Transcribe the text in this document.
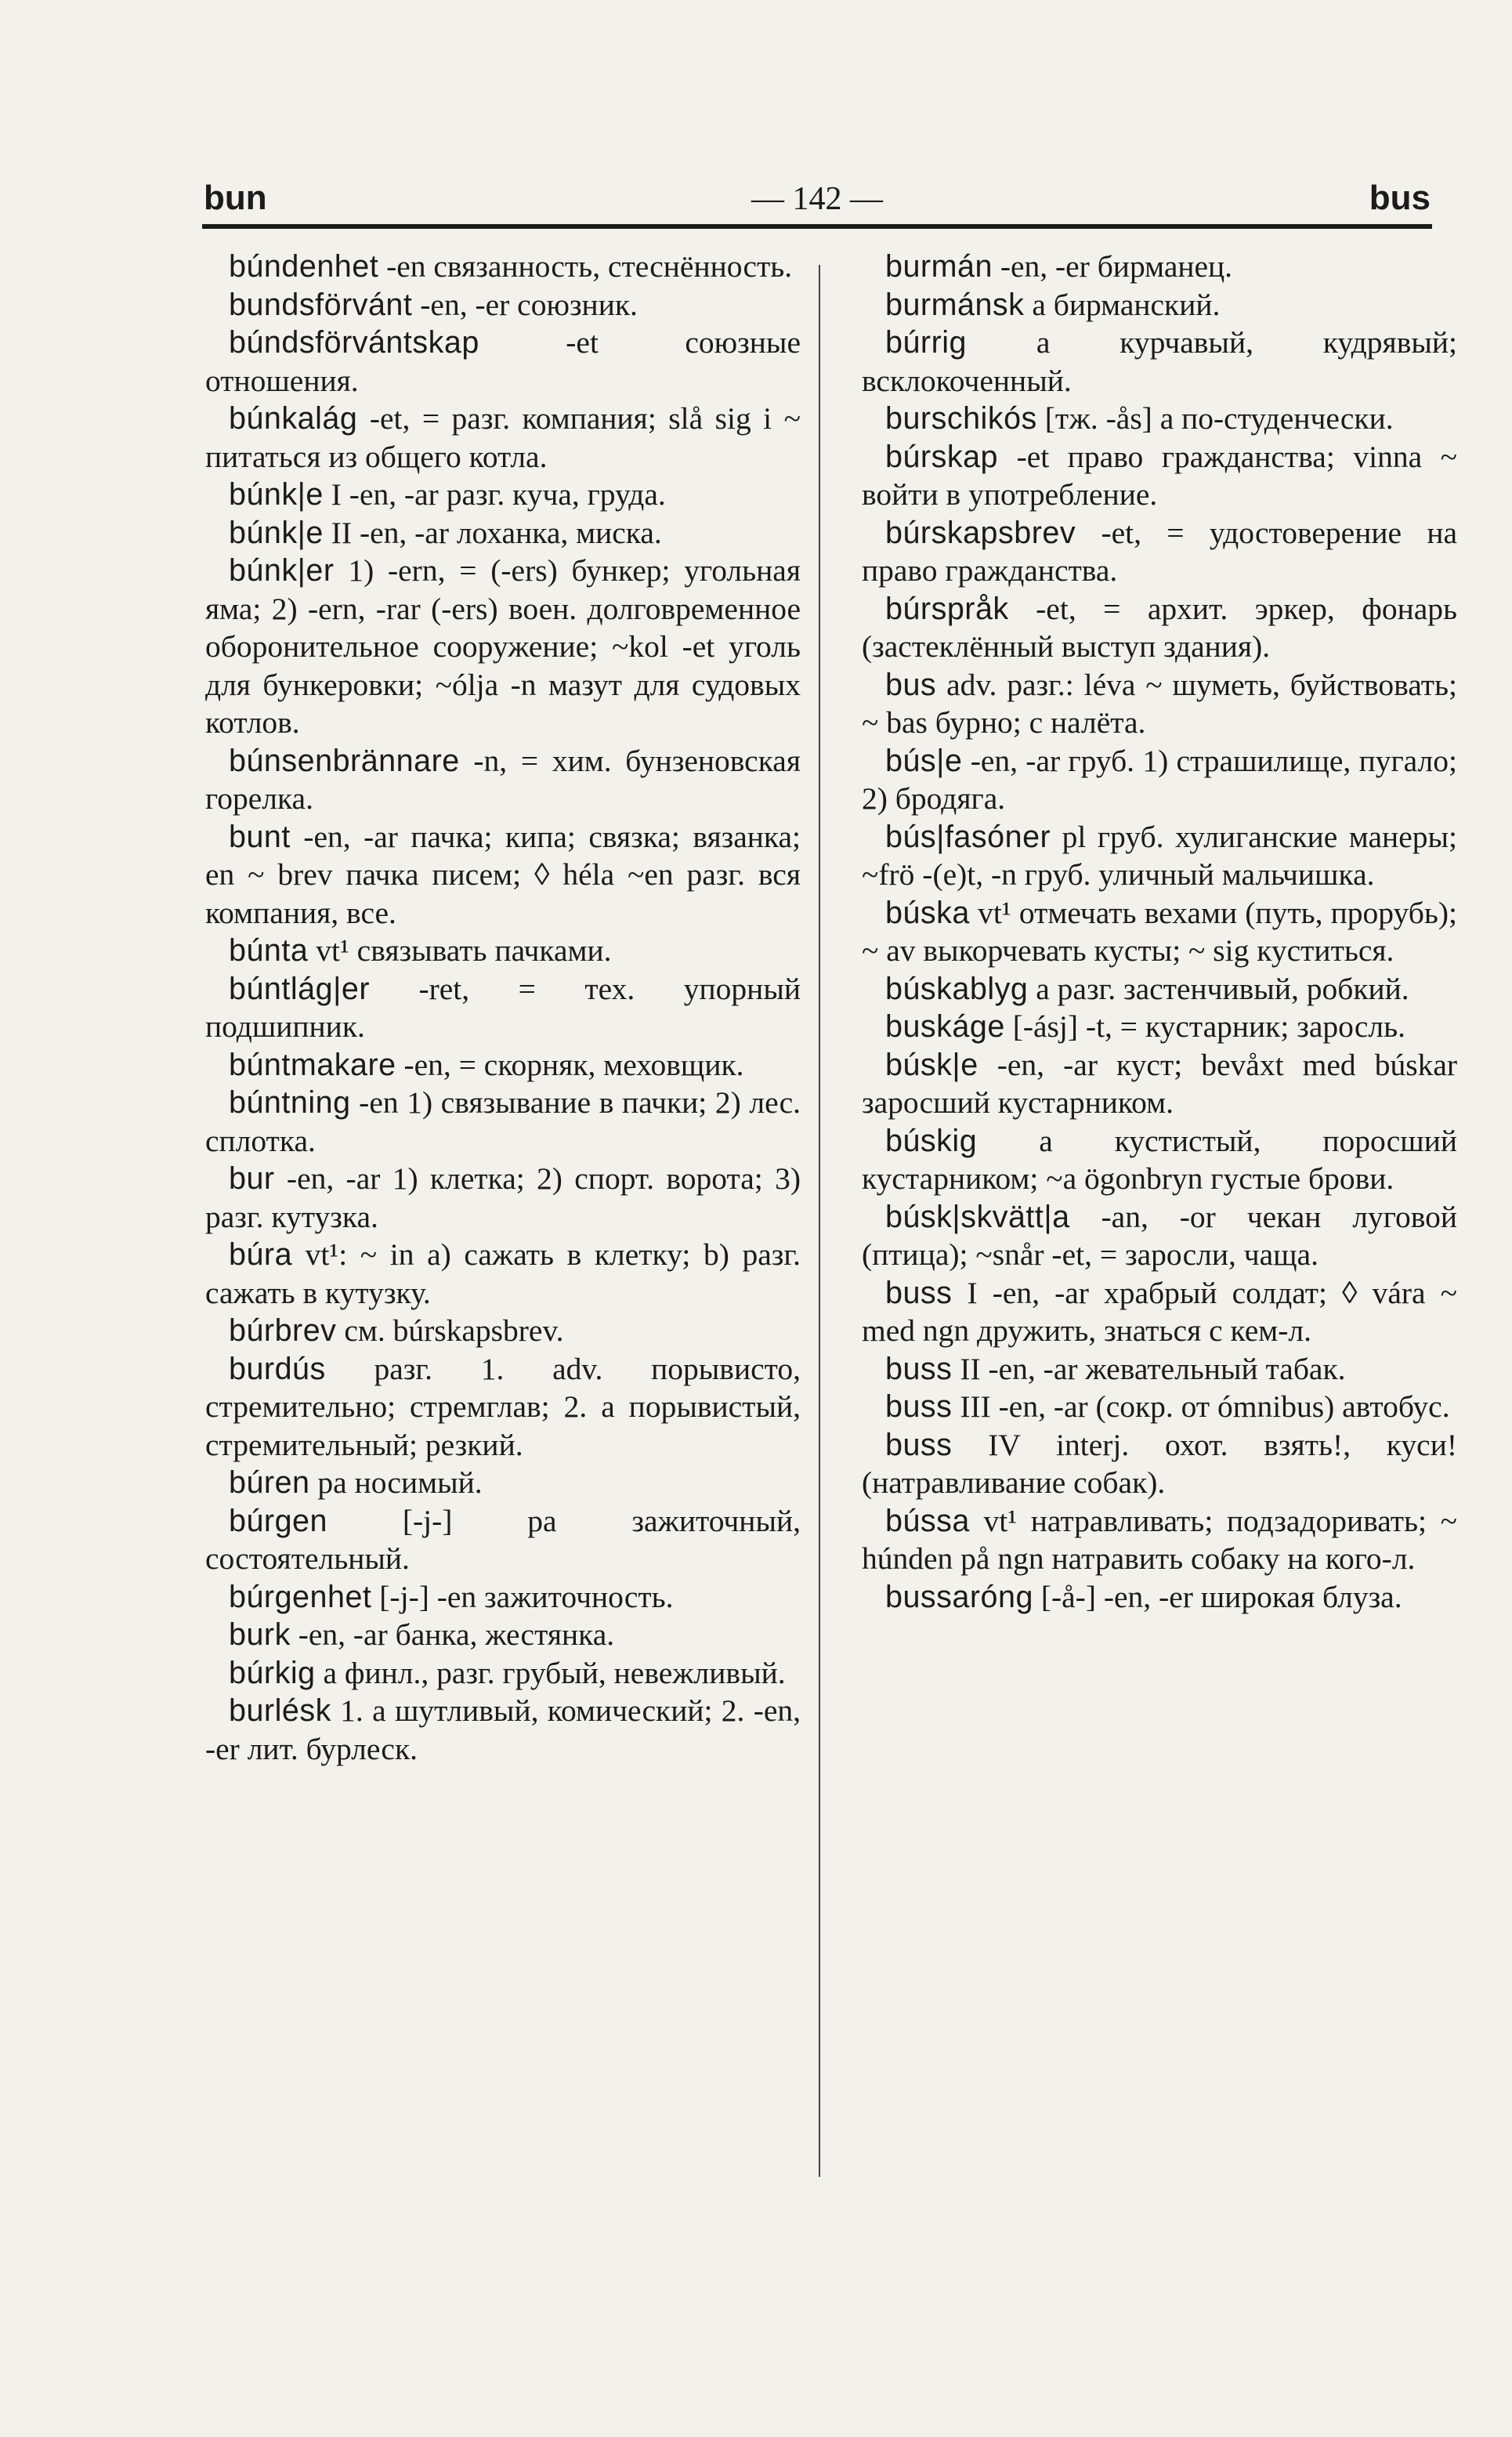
bun	— 142 —	bus

búndenhet -en связанность, стеснённость.

bundsförvánt -en, -er союзник.

búndsförvántskap	-et союзные отношения.

búnkalág -et, = разг. компания; slå sig i ~ питаться из общего котла.

búnk|e I -en, -ar разг. куча, груда.

búnk|e II -en, -ar лоханка, миска.

búnk|er 1) -ern, = (-ers) бункер; угольная яма; 2) -ern, -rar (-ers) воен. долговременное оборонительное сооружение; ~kol -et уголь для бункеровки; ~ólja -n мазут для судовых котлов.

búnsenbrännare -n, = хим. бунзеновская горелка.

bunt -en, -ar пачка; кипа; связка; вязанка; en ~ brev пачка писем; ◊ héla ~en разг. вся компания, все.

búnta vt¹ связывать пачками.

búntlág|er -ret, = тех. упорный подшипник.

búntmakare -en, = скорняк, меховщик.

búntning -en 1) связывание в пачки; 2) лес. сплотка.

bur -en, -ar 1) клетка; 2) спорт. ворота; 3) разг. кутузка.

búra vt¹: ~ in a) сажать в клетку; b) разг. сажать в кутузку.

búrbrev см. búrskapsbrev.

burdús разг. 1. adv. порывисто, стремительно; стремглав; 2. a порывистый, стремительный; резкий.

búren pa носимый.

búrgen [-j-] pa зажиточный, состоятельный.

búrgenhet [-j-] -en зажиточность.

burk -en, -ar банка, жестянка.

búrkig a финл., разг. грубый, невежливый.

burlésk 1. a шутливый, комический; 2. -en, -er лит. бурлеск.

burmán -en, -er бирманец.

burmánsk a бирманский.

búrrig a курчавый, кудрявый; всклокоченный.

burschikós [тж. -ås] a по-студенчески.

búrskap -et право гражданства; vinna ~ войти в употребление.

búrskapsbrev -et, = удостоверение на право гражданства.

búrspråk -et, = архит. эркер, фонарь (застеклённый выступ здания).

bus adv. разг.: léva ~ шуметь, буйствовать; ~ bas бурно; с налёта.

bús|e -en, -ar груб. 1) страшилище, пугало; 2) бродяга.

bús|fasóner pl груб. хулиганские манеры; ~frö -(e)t, -n груб. уличный мальчишка.

búska vt¹ отмечать вехами (путь, прорубь); ~ av выкорчевать кусты; ~ sig куститься.

búskablyg a разг. застенчивый, робкий.

buskáge [-ásj] -t, = кустарник; заросль.

búsk|e -en, -ar куст; bevåxt med búskar заросший кустарником.

búskig a кустистый, поросший кустарником; ~a ögonbryn густые брови.

búsk|skvätt|a -an, -or чекан луговой (птица); ~snår -et, = заросли, чаща.

buss I -en, -ar храбрый солдат; ◊ vára ~ med ngn дружить, знаться с кем-л.

buss II -en, -ar жевательный табак.

buss III -en, -ar (сокр. от ómnibus) автобус.

buss IV interj. охот. взять!, куси! (натравливание собак).

bússa vt¹ натравливать; подзадоривать; ~ húnden på ngn натравить собаку на кого-л.

bussaróng [-å-] -en, -er широкая блуза.
